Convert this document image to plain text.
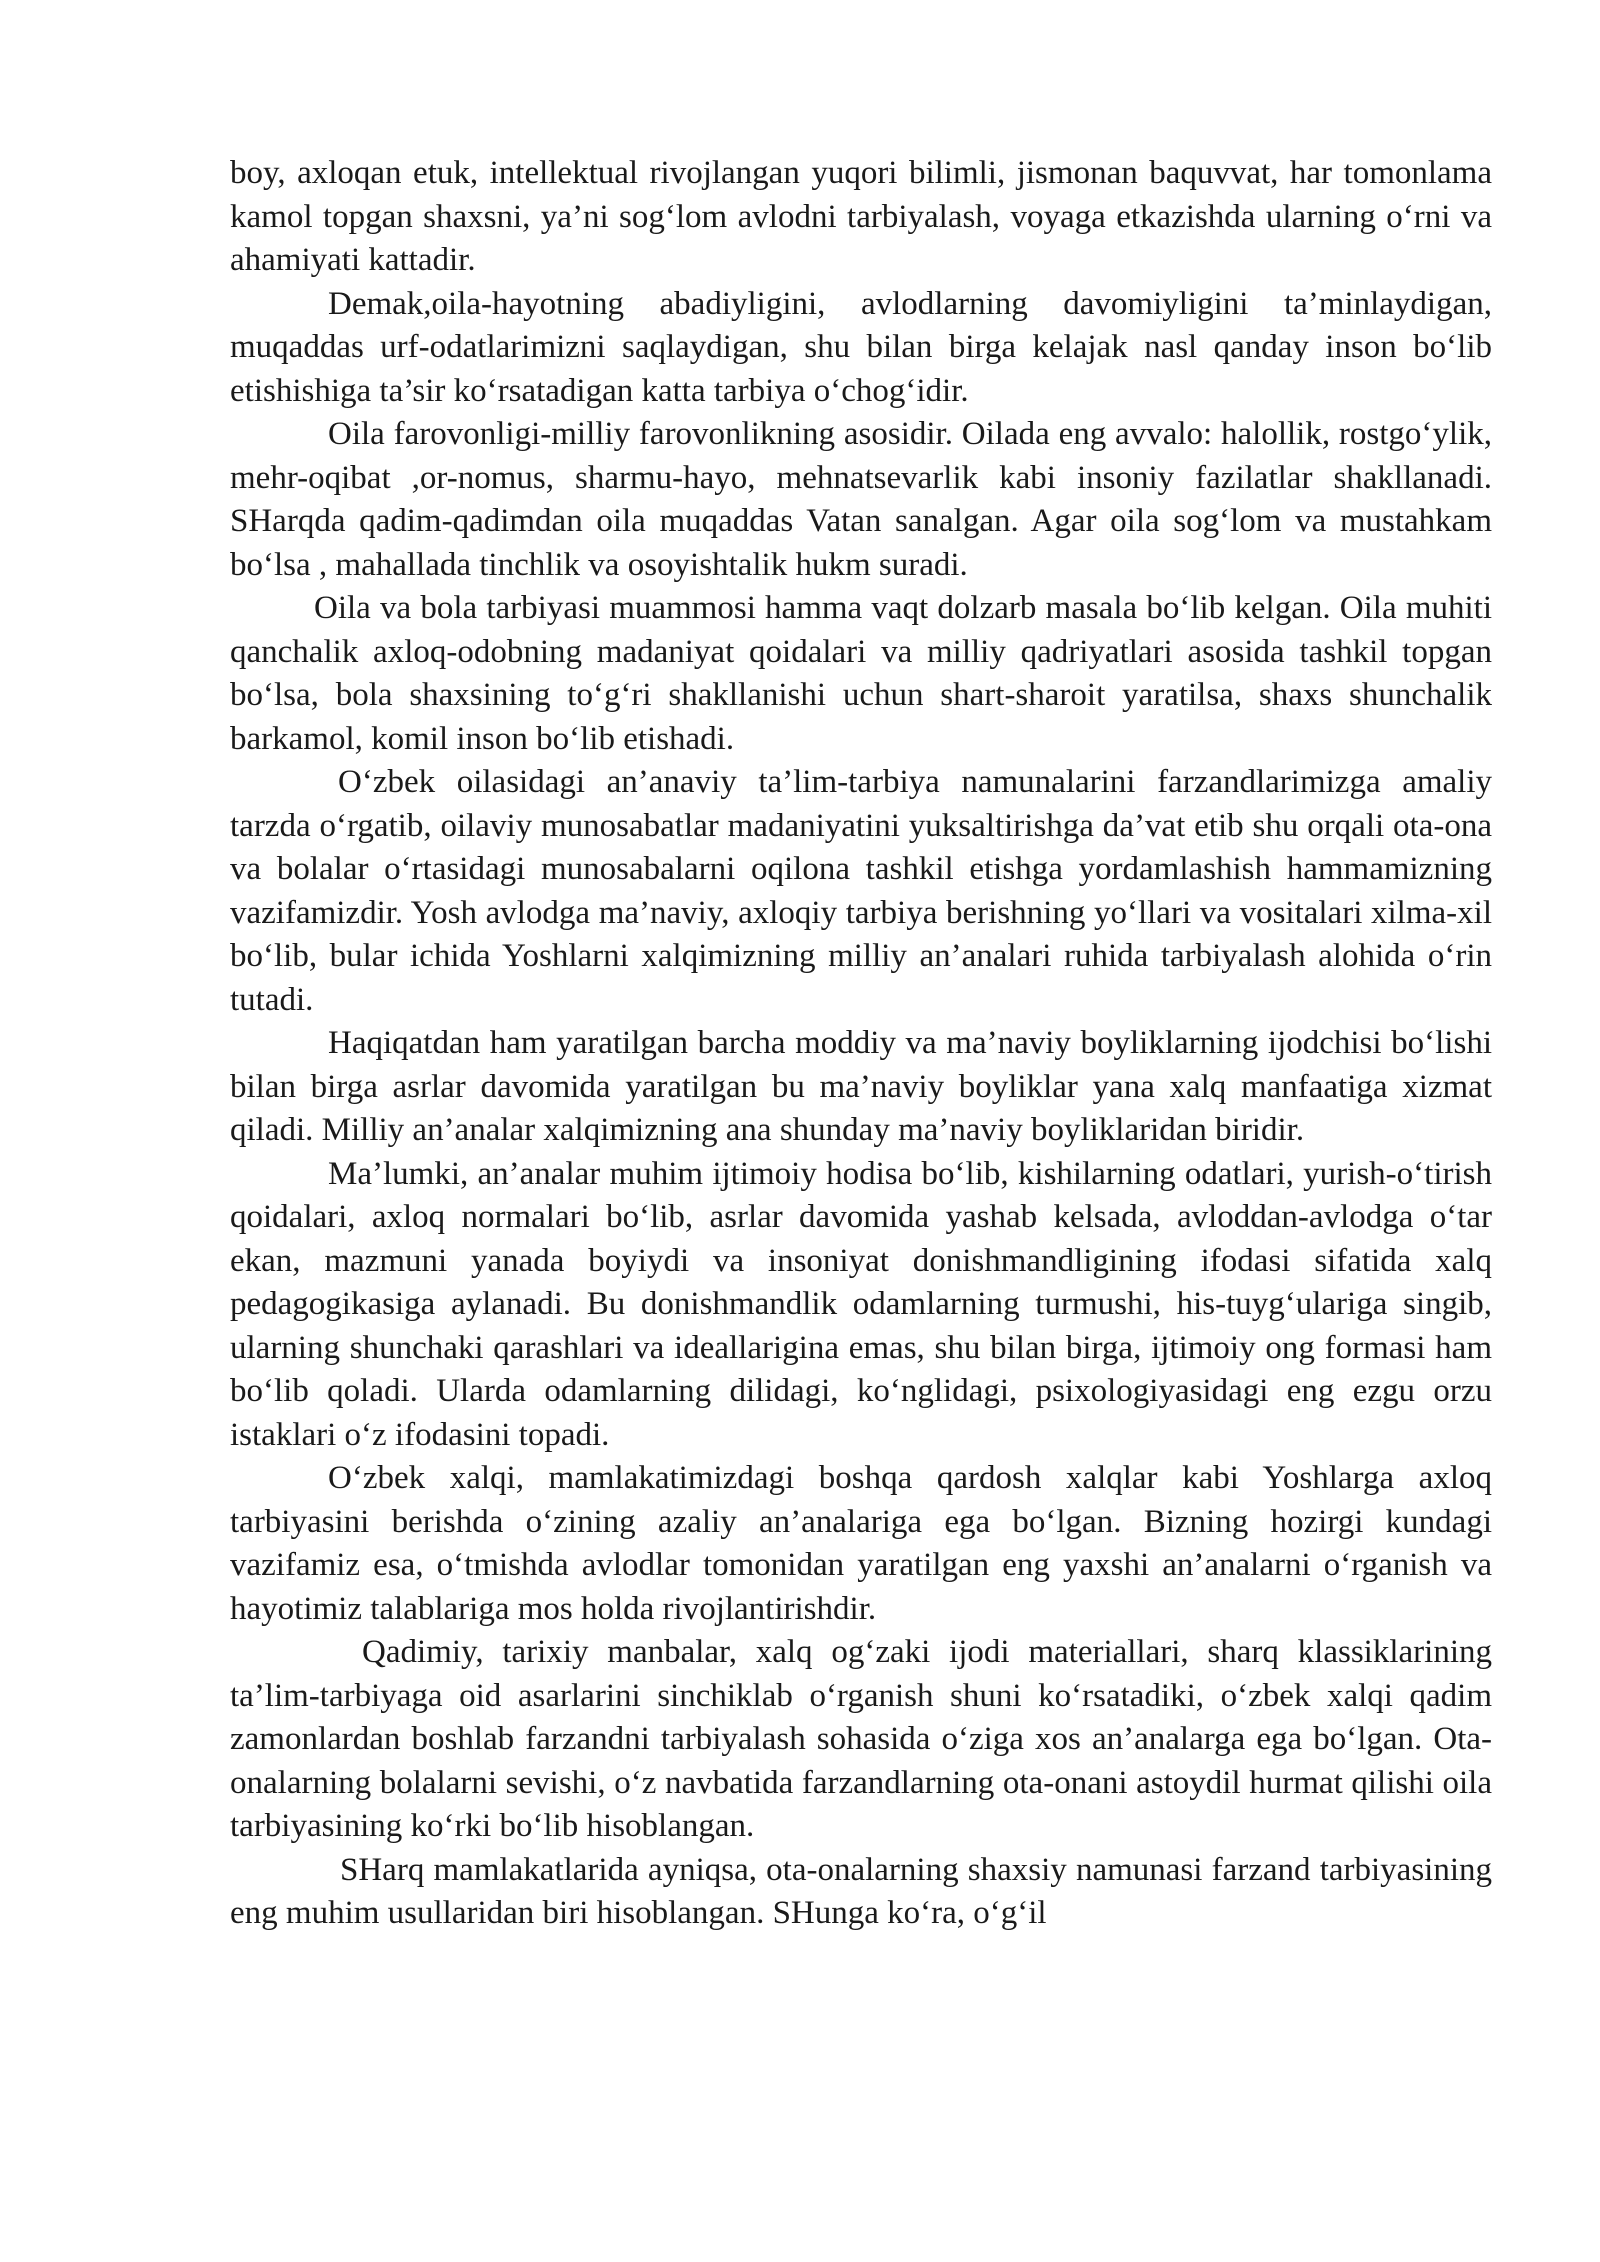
boy, axloqan etuk, intellektual rivojlangan yuqori bilimli, jismonan baquvvat, har tomonlama kamol topgan shaxsni, ya’ni sog‘lom avlodni tarbiyalash, voyaga etkazishda ularning o‘rni va ahamiyati kattadir.

Demak,oila-hayotning abadiyligini, avlodlarning davomiyligini ta’minlaydigan, muqaddas urf-odatlarimizni saqlaydigan, shu bilan birga kelajak nasl qanday inson bo‘lib etishishiga ta’sir ko‘rsatadigan katta tarbiya o‘chog‘idir.

Oila farovonligi-milliy farovonlikning asosidir. Oilada eng avvalo: halollik, rostgo‘ylik, mehr-oqibat ,or-nomus, sharmu-hayo, mehnatsevarlik kabi insoniy fazilatlar shakllanadi. SHarqda qadim-qadimdan oila muqaddas Vatan sanalgan. Agar oila sog‘lom va mustahkam bo‘lsa , mahallada tinchlik va osoyishtalik hukm suradi.

Oila va bola tarbiyasi muammosi hamma vaqt dolzarb masala bo‘lib kelgan. Oila muhiti qanchalik axloq-odobning madaniyat qoidalari va milliy qadriyatlari asosida tashkil topgan bo‘lsa, bola shaxsining to‘g‘ri shakllanishi uchun shart-sharoit yaratilsa, shaxs shunchalik barkamol, komil inson bo‘lib etishadi.

O‘zbek oilasidagi an’anaviy ta’lim-tarbiya namunalarini farzandlarimizga amaliy tarzda o‘rgatib, oilaviy munosabatlar madaniyatini yuksaltirishga da’vat etib shu orqali ota-ona va bolalar o‘rtasidagi munosabalarni oqilona tashkil etishga yordamlashish hammamizning vazifamizdir. Yosh avlodga ma’naviy, axloqiy tarbiya berishning yo‘llari va vositalari xilma-xil bo‘lib, bular ichida Yoshlarni xalqimizning milliy an’analari ruhida tarbiyalash alohida o‘rin tutadi.

Haqiqatdan ham yaratilgan barcha moddiy va ma’naviy boyliklarning ijodchisi bo‘lishi bilan birga asrlar davomida yaratilgan bu ma’naviy boyliklar yana xalq manfaatiga xizmat qiladi. Milliy an’analar xalqimizning ana shunday ma’naviy boyliklaridan biridir.

Ma’lumki, an’analar muhim ijtimoiy hodisa bo‘lib, kishilarning odatlari, yurish-o‘tirish qoidalari, axloq normalari bo‘lib, asrlar davomida yashab kelsada, avloddan-avlodga o‘tar ekan, mazmuni yanada boyiydi va insoniyat donishmandligining ifodasi sifatida xalq pedagogikasiga aylanadi. Bu donishmandlik odamlarning turmushi, his-tuyg‘ulariga singib, ularning shunchaki qarashlari va ideallarigina emas, shu bilan birga, ijtimoiy ong formasi ham bo‘lib qoladi. Ularda odamlarning dilidagi, ko‘nglidagi, psixologiyasidagi eng ezgu orzu istaklari o‘z ifodasini topadi.

O‘zbek xalqi, mamlakatimizdagi boshqa qardosh xalqlar kabi Yoshlarga axloq tarbiyasini berishda o‘zining azaliy an’analariga ega bo‘lgan. Bizning hozirgi kundagi vazifamiz esa, o‘tmishda avlodlar tomonidan yaratilgan eng yaxshi an’analarni o‘rganish va hayotimiz talablariga mos holda rivojlantirishdir.

Qadimiy, tarixiy manbalar, xalq og‘zaki ijodi materiallari, sharq klassiklarining ta’lim-tarbiyaga oid asarlarini sinchiklab o‘rganish shuni ko‘rsatadiki, o‘zbek xalqi qadim zamonlardan boshlab farzandni tarbiyalash sohasida o‘ziga xos an’analarga ega bo‘lgan. Ota-onalarning bolalarni sevishi, o‘z navbatida farzandlarning ota-onani astoydil hurmat qilishi oila tarbiyasining ko‘rki bo‘lib hisoblangan.

SHarq mamlakatlarida ayniqsa, ota-onalarning shaxsiy namunasi farzand tarbiyasining eng muhim usullaridan biri hisoblangan. SHunga ko‘ra, o‘g‘il
